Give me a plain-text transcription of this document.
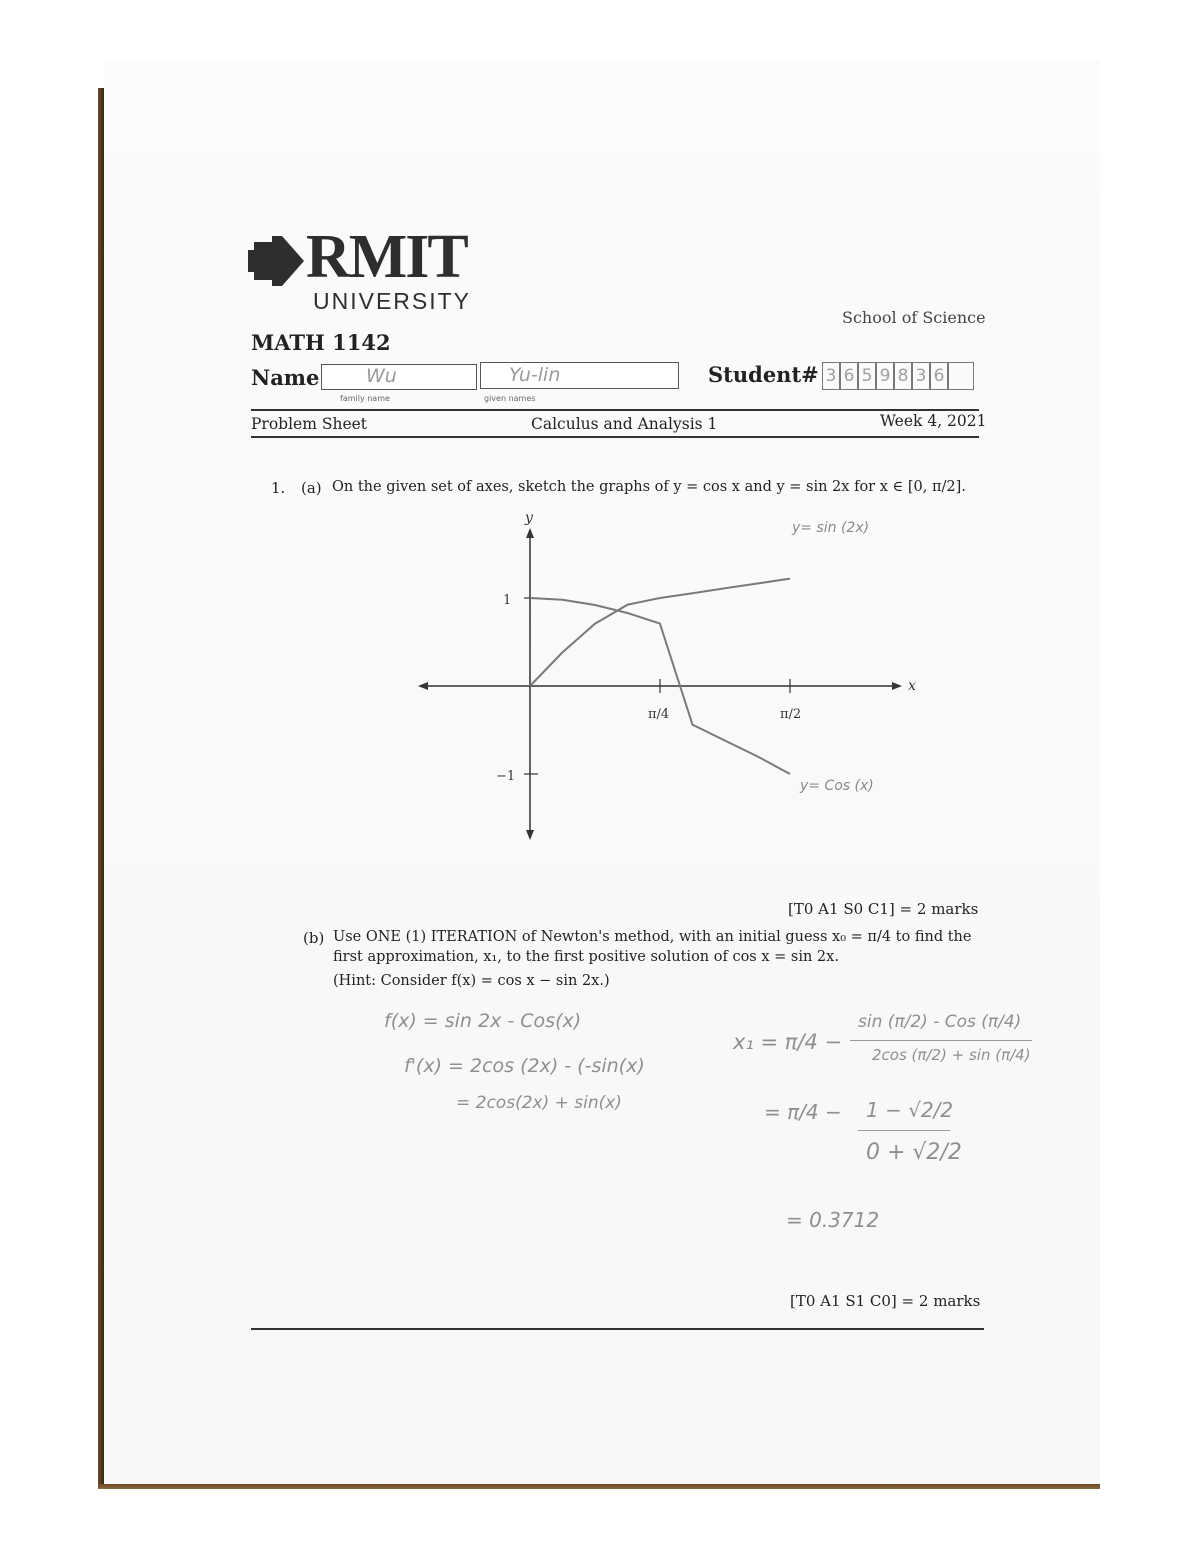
RMIT
UNIVERSITY
School of Science
MATH 1142
Name Wu
family name
Yu-lin
given names
Student# 3 6 5 9 8 3 6
Problem Sheet	Calculus and Analysis 1	Week 4, 2021
1. (a) On the given set of axes, sketch the graphs of y = cos x and y = sin 2x for x ∈ [0, π/2].
y
x
1
−1
π/4	π/2
y= sin (2x)
y= Cos (x)
[T0 A1 S0 C1] = 2 marks
(b) Use ONE (1) ITERATION of Newton's method, with an initial guess x₀ = π/4 to find the
first approximation, x₁, to the first positive solution of cos x = sin 2x.
(Hint: Consider f(x) = cos x − sin 2x.)
f(x) = sin 2x - Cos(x)
f'(x) = 2cos (2x) - (-sin(x)
= 2cos(2x) + sin(x)
x₁ = π/4 −
sin (π/2) - Cos (π/4)
2cos (π/2) + sin (π/4)
= π/4 − 1 − √2/2
0 + √2/2
= 0.3712
[T0 A1 S1 C0] = 2 marks
